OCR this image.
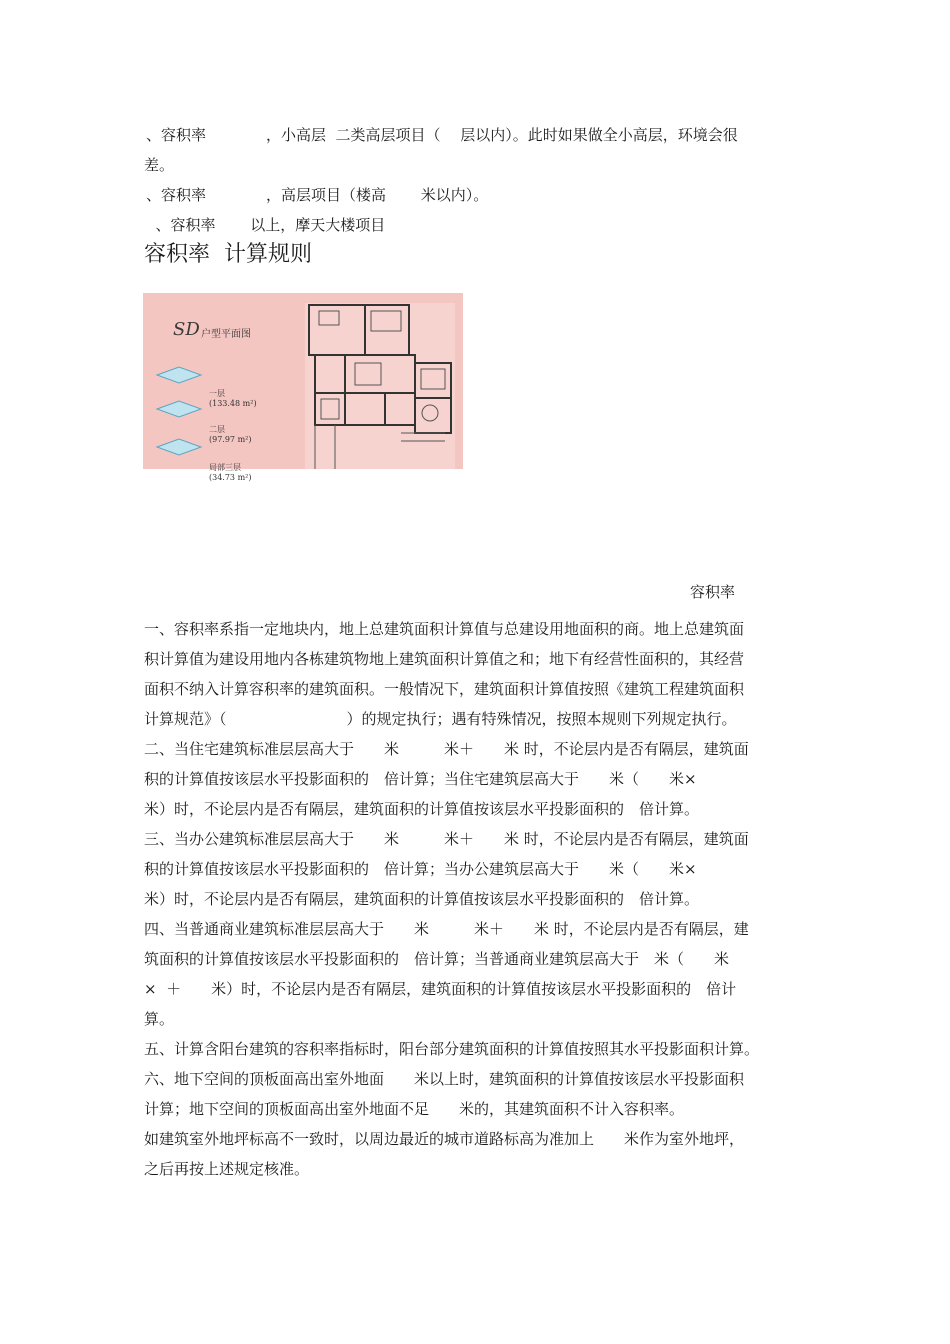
、容积率　　　　，小高层  二类高层项目（　 层以内）。此时如果做全小高层，环境会很
差。
、容积率　　　　，高层项目（楼高　　 米以内）。
、容积率　　 以上，摩天大楼项目
容积率  计算规则
SD 户型平面图

一层
(133.48 m²)

二层
(97.97 m²)

局部三层
(34.73 m²)

容积率
一、容积率系指一定地块内，地上总建筑面积计算值与总建设用地面积的商。地上总建筑面
积计算值为建设用地内各栋建筑物地上建筑面积计算值之和；地下有经营性面积的，其经营
面积不纳入计算容积率的建筑面积。一般情况下，建筑面积计算值按照《建筑工程建筑面积
计算规范》（　　　　　　　　）的规定执行；遇有特殊情况，按照本规则下列规定执行。
二、当住宅建筑标准层层高大于　　米　　　米＋　　米 时，不论层内是否有隔层，建筑面
积的计算值按该层水平投影面积的　倍计算；当住宅建筑层高大于　　米（　　米×
米）时，不论层内是否有隔层，建筑面积的计算值按该层水平投影面积的　倍计算。
三、当办公建筑标准层层高大于　　米　　　米＋　　米 时，不论层内是否有隔层，建筑面
积的计算值按该层水平投影面积的　倍计算；当办公建筑层高大于　　米（　　米×
米）时，不论层内是否有隔层，建筑面积的计算值按该层水平投影面积的　倍计算。
四、当普通商业建筑标准层层高大于　　米　　　米＋　　米 时，不论层内是否有隔层，建
筑面积的计算值按该层水平投影面积的　倍计算；当普通商业建筑层高大于　米（　　米
×  ＋　　米）时，不论层内是否有隔层，建筑面积的计算值按该层水平投影面积的　倍计
算。
五、计算含阳台建筑的容积率指标时，阳台部分建筑面积的计算值按照其水平投影面积计算。
六、地下空间的顶板面高出室外地面　　米以上时，建筑面积的计算值按该层水平投影面积
计算；地下空间的顶板面高出室外地面不足　　米的，其建筑面积不计入容积率。
如建筑室外地坪标高不一致时，以周边最近的城市道路标高为准加上　　米作为室外地坪，
之后再按上述规定核准。
